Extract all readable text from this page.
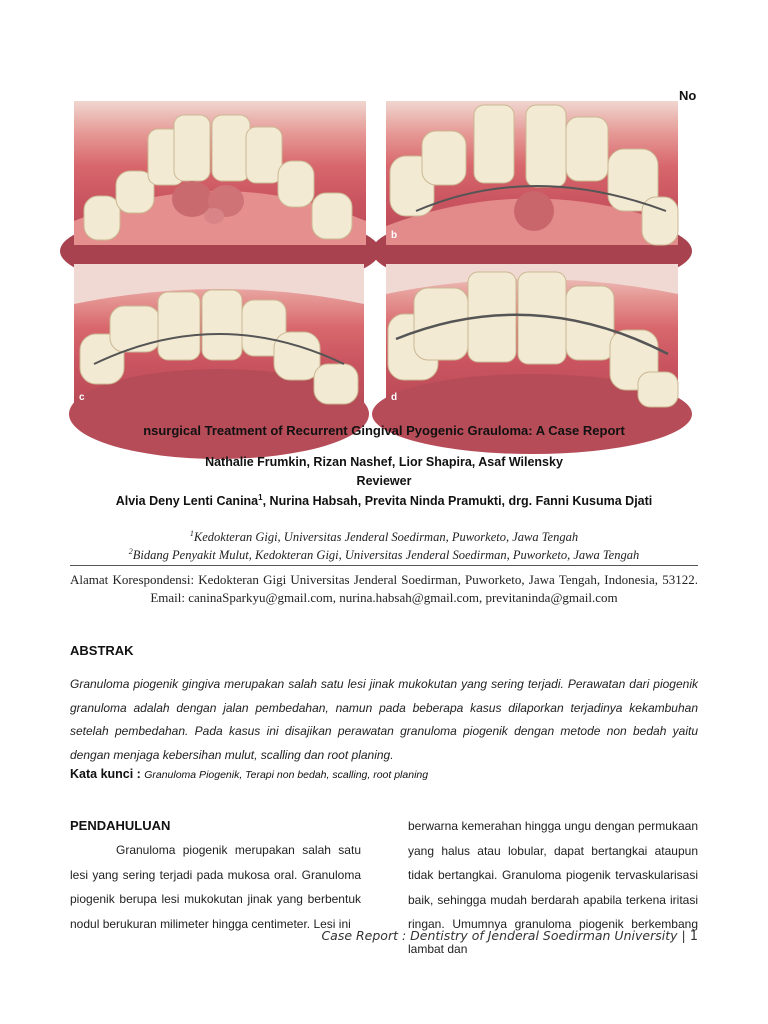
No
b
c	d
nsurgical Treatment of Recurrent Gingival Pyogenic Grauloma: A Case Report
Nathalie Frumkin, Rizan Nashef, Lior Shapira, Asaf Wilensky
Reviewer
Alvia Deny Lenti Canina$^1$, Nurina Habsah, Previta Ninda Pramukti, drg. Fanni Kusuma Djati
$^1$Kedokteran Gigi, Universitas Jenderal Soedirman, Puworketo, Jawa Tengah
$^2$Bidang Penyakit Mulut, Kedokteran Gigi, Universitas Jenderal Soedirman, Puworketo, Jawa Tengah
Alamat Korespondensi: Kedokteran Gigi Universitas Jenderal Soedirman, Puworketo, Jawa Tengah, Indonesia, 53122. Email: caninaSparkyu@gmail.com, nurina.habsah@gmail.com, previtaninda@gmail.com
ABSTRAK
Granuloma piogenik gingiva merupakan salah satu lesi jinak mukokutan yang sering terjadi. Perawatan dari piogenik granuloma adalah dengan jalan pembedahan, namun pada beberapa kasus dilaporkan terjadinya kekambuhan setelah pembedahan. Pada kasus ini disajikan perawatan granuloma piogenik dengan metode non bedah yaitu dengan menjaga kebersihan mulut, scalling dan root planing.
Kata kunci : Granuloma Piogenik, Terapi non bedah, scalling, root planing
PENDAHULUAN
Granuloma piogenik merupakan salah satu lesi yang sering terjadi pada mukosa oral. Granuloma piogenik berupa lesi mukokutan jinak yang berbentuk nodul berukuran milimeter hingga centimeter. Lesi ini
berwarna kemerahan hingga ungu dengan permukaan yang halus atau lobular, dapat bertangkai ataupun tidak bertangkai. Granuloma piogenik tervaskularisasi baik, sehingga mudah berdarah apabila terkena iritasi ringan. Umumnya granuloma piogenik berkembang lambat dan
Case Report : Dentistry of Jenderal Soedirman University | 1
